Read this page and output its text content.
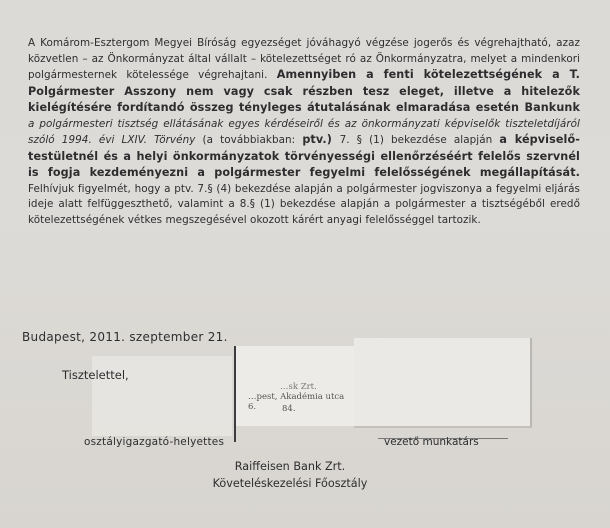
A Komárom-Esztergom Megyei Bíróság egyezséget jóváhagyó végzése jogerős és végrehajtható, azaz közvetlen – az Önkormányzat által vállalt – kötelezettséget ró az Önkormányzatra, melyet a mindenkori polgármesternek kötelessége végrehajtani. Amennyiben a fenti kötelezettségének a T. Polgármester Asszony nem vagy csak részben tesz eleget, illetve a hitelezők kielégítésére fordítandó összeg tényleges átutalásának elmaradása esetén Bankunk a polgármesteri tisztség ellátásának egyes kérdéseiről és az önkormányzati képviselők tiszteletdíjáról szóló 1994. évi LXIV. Törvény (a továbbiakban: ptv.) 7. § (1) bekezdése alapján a képviselő-testületnél és a helyi önkormányzatok törvényességi ellenőrzéséért felelős szervnél is fogja kezdeményezni a polgármester fegyelmi felelősségének megállapítását. Felhívjuk figyelmét, hogy a ptv. 7.§ (4) bekezdése alapján a polgármester jogviszonya a fegyelmi eljárás ideje alatt felfüggeszthető, valamint a 8.§ (1) bekezdése alapján a polgármester a tisztségéből eredő kötelezettségének vétkes megszegésével okozott kárért anyagi felelősséggel tartozik.
Budapest, 2011. szeptember 21.
Tisztelettel,
…sk Zrt.
…pest, Akadémia utca 6.	84.
osztályigazgató-helyettes	vezető munkatárs
Raiffeisen Bank Zrt.
Követeléskezelési Főosztály
